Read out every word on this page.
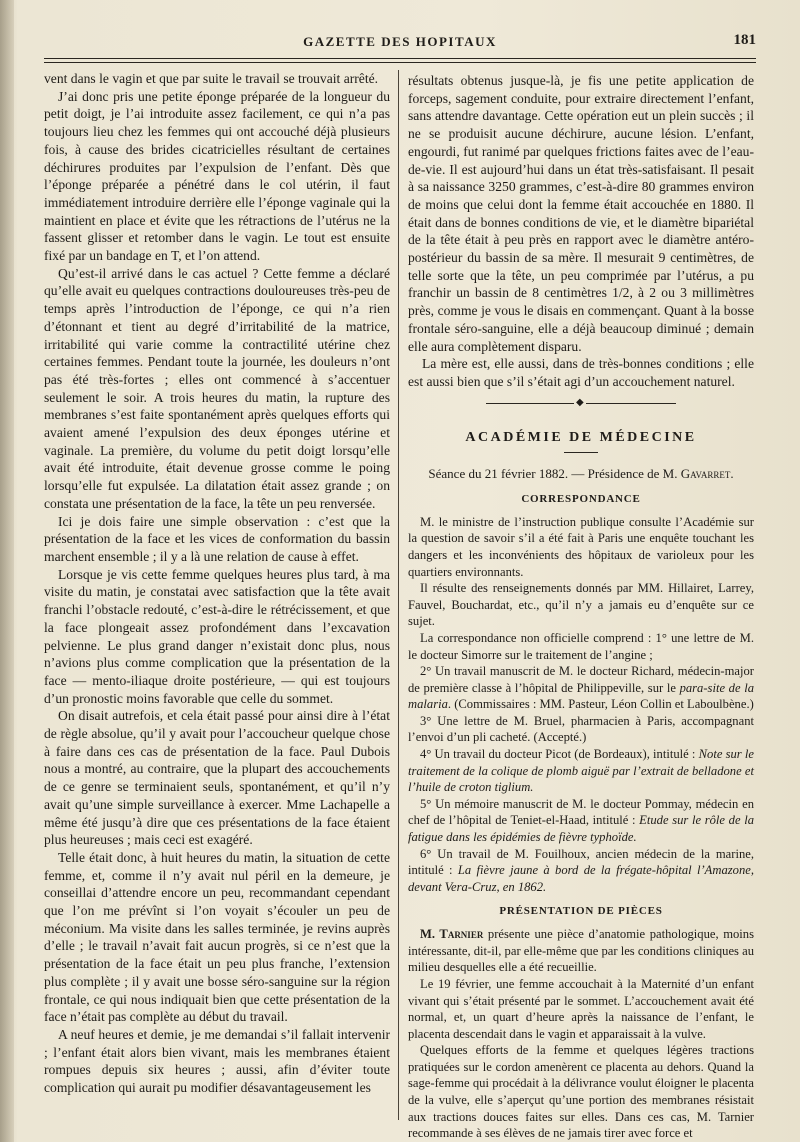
GAZETTE DES HOPITAUX	181

vent dans le vagin et que par suite le travail se trouvait arrêté.

J’ai donc pris une petite éponge préparée de la longueur du petit doigt, je l’ai introduite assez facilement, ce qui n’a pas toujours lieu chez les femmes qui ont accouché déjà plusieurs fois, à cause des brides cicatricielles résultant de certaines déchirures produites par l’expulsion de l’enfant. Dès que l’éponge préparée a pénétré dans le col utérin, il faut immédiatement introduire derrière elle l’éponge vaginale qui la maintient en place et évite que les rétractions de l’utérus ne la fassent glisser et retomber dans le vagin. Le tout est ensuite fixé par un bandage en T, et l’on attend.

Qu’est-il arrivé dans le cas actuel ? Cette femme a déclaré qu’elle avait eu quelques contractions douloureuses très-peu de temps après l’introduction de l’éponge, ce qui n’a rien d’étonnant et tient au degré d’irritabilité de la matrice, irritabilité qui varie comme la contractilité utérine chez certaines femmes. Pendant toute la journée, les douleurs n’ont pas été très-fortes ; elles ont commencé à s’accentuer seulement le soir. A trois heures du matin, la rupture des membranes s’est faite spontanément après quelques efforts qui avaient amené l’expulsion des deux éponges utérine et vaginale. La première, du volume du petit doigt lorsqu’elle avait été introduite, était devenue grosse comme le poing lorsqu’elle fut expulsée. La dilatation était assez grande ; on constata une présentation de la face, la tête un peu renversée.

Ici je dois faire une simple observation : c’est que la présentation de la face et les vices de conformation du bassin marchent ensemble ; il y a là une relation de cause à effet.

Lorsque je vis cette femme quelques heures plus tard, à ma visite du matin, je constatai avec satisfaction que la tête avait franchi l’obstacle redouté, c’est-à-dire le rétrécissement, et que la face plongeait assez profondément dans l’excavation pelvienne. Le plus grand danger n’existait donc plus, nous n’avions plus comme complication que la présentation de la face — mento-iliaque droite postérieure, — qui est toujours d’un pronostic moins favorable que celle du sommet.

On disait autrefois, et cela était passé pour ainsi dire à l’état de règle absolue, qu’il y avait pour l’accoucheur quelque chose à faire dans ces cas de présentation de la face. Paul Dubois nous a montré, au contraire, que la plupart des accouchements de ce genre se terminaient seuls, spontanément, et qu’il n’y avait qu’une simple surveillance à exercer. Mme Lachapelle a même été jusqu’à dire que ces présentations de la face étaient plus heureuses ; mais ceci est exagéré.

Telle était donc, à huit heures du matin, la situation de cette femme, et, comme il n’y avait nul péril en la demeure, je conseillai d’attendre encore un peu, recommandant cependant que l’on me prévînt si l’on voyait s’écouler un peu de méconium. Ma visite dans les salles terminée, je revins auprès d’elle ; le travail n’avait fait aucun progrès, si ce n’est que la présentation de la face était un peu plus franche, l’extension plus complète ; il y avait une bosse séro-sanguine sur la région frontale, ce qui nous indiquait bien que cette présentation de la face n’était pas complète au début du travail.

A neuf heures et demie, je me demandai s’il fallait intervenir ; l’enfant était alors bien vivant, mais les membranes étaient rompues depuis six heures ; aussi, afin d’éviter toute complication qui aurait pu modifier désavantageusement les

résultats obtenus jusque-là, je fis une petite application de forceps, sagement conduite, pour extraire directement l’enfant, sans attendre davantage. Cette opération eut un plein succès ; il ne se produisit aucune déchirure, aucune lésion. L’enfant, engourdi, fut ranimé par quelques frictions faites avec de l’eau-de-vie. Il est aujourd’hui dans un état très-satisfaisant. Il pesait à sa naissance 3250 grammes, c’est-à-dire 80 grammes environ de moins que celui dont la femme était accouchée en 1880. Il était dans de bonnes conditions de vie, et le diamètre bipariétal de la tête était à peu près en rapport avec le diamètre antéro-postérieur du bassin de sa mère. Il mesurait 9 centimètres, de telle sorte que la tête, un peu comprimée par l’utérus, a pu franchir un bassin de 8 centimètres 1/2, à 2 ou 3 millimètres près, comme je vous le disais en commençant. Quant à la bosse frontale séro-sanguine, elle a déjà beaucoup diminué ; demain elle aura complètement disparu.

La mère est, elle aussi, dans de très-bonnes conditions ; elle est aussi bien que s’il s’était agi d’un accouchement naturel.

◆
ACADÉMIE DE MÉDECINE
Séance du 21 février 1882. — Présidence de M. Gavarret.
CORRESPONDANCE

M. le ministre de l’instruction publique consulte l’Académie sur la question de savoir s’il a été fait à Paris une enquête touchant les dangers et les inconvénients des hôpitaux de varioleux pour les quartiers environnants.

Il résulte des renseignements donnés par MM. Hillairet, Larrey, Fauvel, Bouchardat, etc., qu’il n’y a jamais eu d’enquête sur ce sujet.

La correspondance non officielle comprend : 1° une lettre de M. le docteur Simorre sur le traitement de l’angine ;

2° Un travail manuscrit de M. le docteur Richard, médecin-major de première classe à l’hôpital de Philippeville, sur le para-site de la malaria. (Commissaires : MM. Pasteur, Léon Collin et Laboulbène.)

3° Une lettre de M. Bruel, pharmacien à Paris, accompagnant l’envoi d’un pli cacheté. (Accepté.)

4° Un travail du docteur Picot (de Bordeaux), intitulé : Note sur le traitement de la colique de plomb aiguë par l’extrait de belladone et l’huile de croton tiglium.

5° Un mémoire manuscrit de M. le docteur Pommay, médecin en chef de l’hôpital de Teniet-el-Haad, intitulé : Etude sur le rôle de la fatigue dans les épidémies de fièvre typhoïde.

6° Un travail de M. Fouilhoux, ancien médecin de la marine, intitulé : La fièvre jaune à bord de la frégate-hôpital l’Amazone, devant Vera-Cruz, en 1862.

PRÉSENTATION DE PIÈCES

M. Tarnier présente une pièce d’anatomie pathologique, moins intéressante, dit-il, par elle-même que par les conditions cliniques au milieu desquelles elle a été recueillie.

Le 19 février, une femme accouchait à la Maternité d’un enfant vivant qui s’était présenté par le sommet. L’accouchement avait été normal, et, un quart d’heure après la naissance de l’enfant, le placenta descendait dans le vagin et apparaissait à la vulve.

Quelques efforts de la femme et quelques légères tractions pratiquées sur le cordon amenèrent ce placenta au dehors. Quand la sage-femme qui procédait à la délivrance voulut éloigner le placenta de la vulve, elle s’aperçut qu’une portion des membranes résistait aux tractions douces faites sur elles. Dans ces cas, M. Tarnier recommande à ses élèves de ne jamais tirer avec force et
